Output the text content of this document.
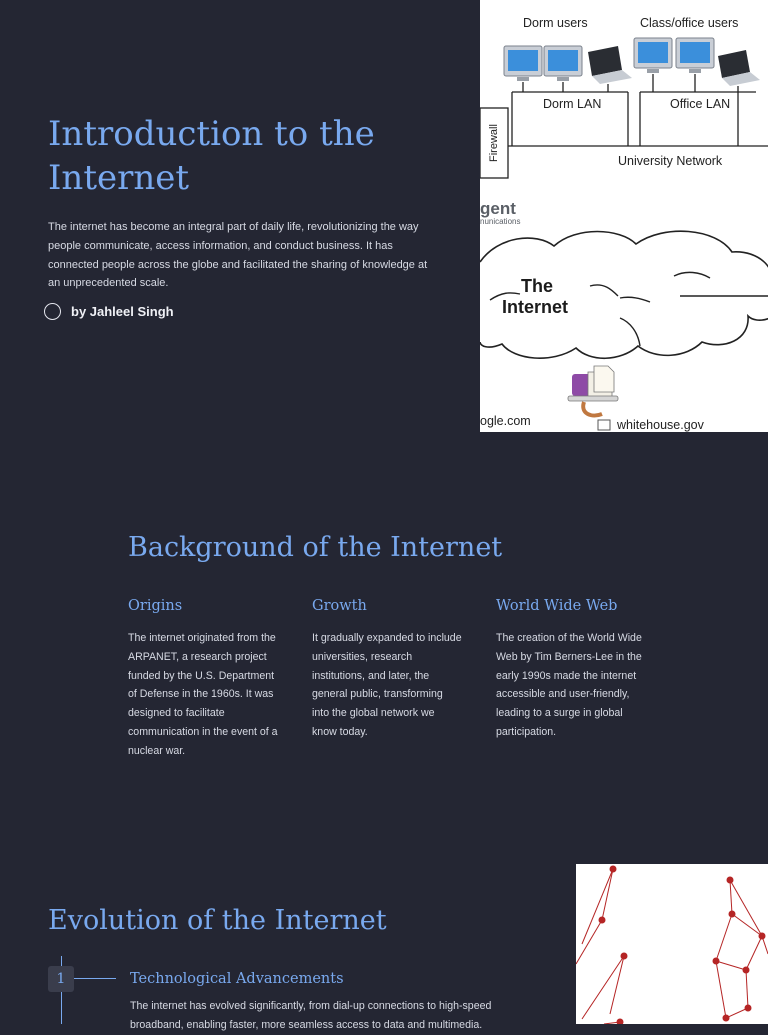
Introduction to the Internet

The internet has become an integral part of daily life, revolutionizing the way people communicate, access information, and conduct business. It has connected people across the globe and facilitated the sharing of knowledge at an unprecedented scale.

by Jahleel Singh
Dorm users	Class/office users
Dorm LAN	Office LAN
Firewall	University Network
gent
nunications
The
Internet
ogle.com	whitehouse.gov
Background of the Internet
Origins

The internet originated from the ARPANET, a research project funded by the U.S. Department of Defense in the 1960s. It was designed to facilitate communication in the event of a nuclear war.

Growth

It gradually expanded to include universities, research institutions, and later, the general public, transforming into the global network we know today.

World Wide Web

The creation of the World Wide Web by Tim Berners-Lee in the early 1990s made the internet accessible and user-friendly, leading to a surge in global participation.

Evolution of the Internet
1	Technological Advancements

The internet has evolved significantly, from dial-up connections to high-speed broadband, enabling faster, more seamless access to data and multimedia.
